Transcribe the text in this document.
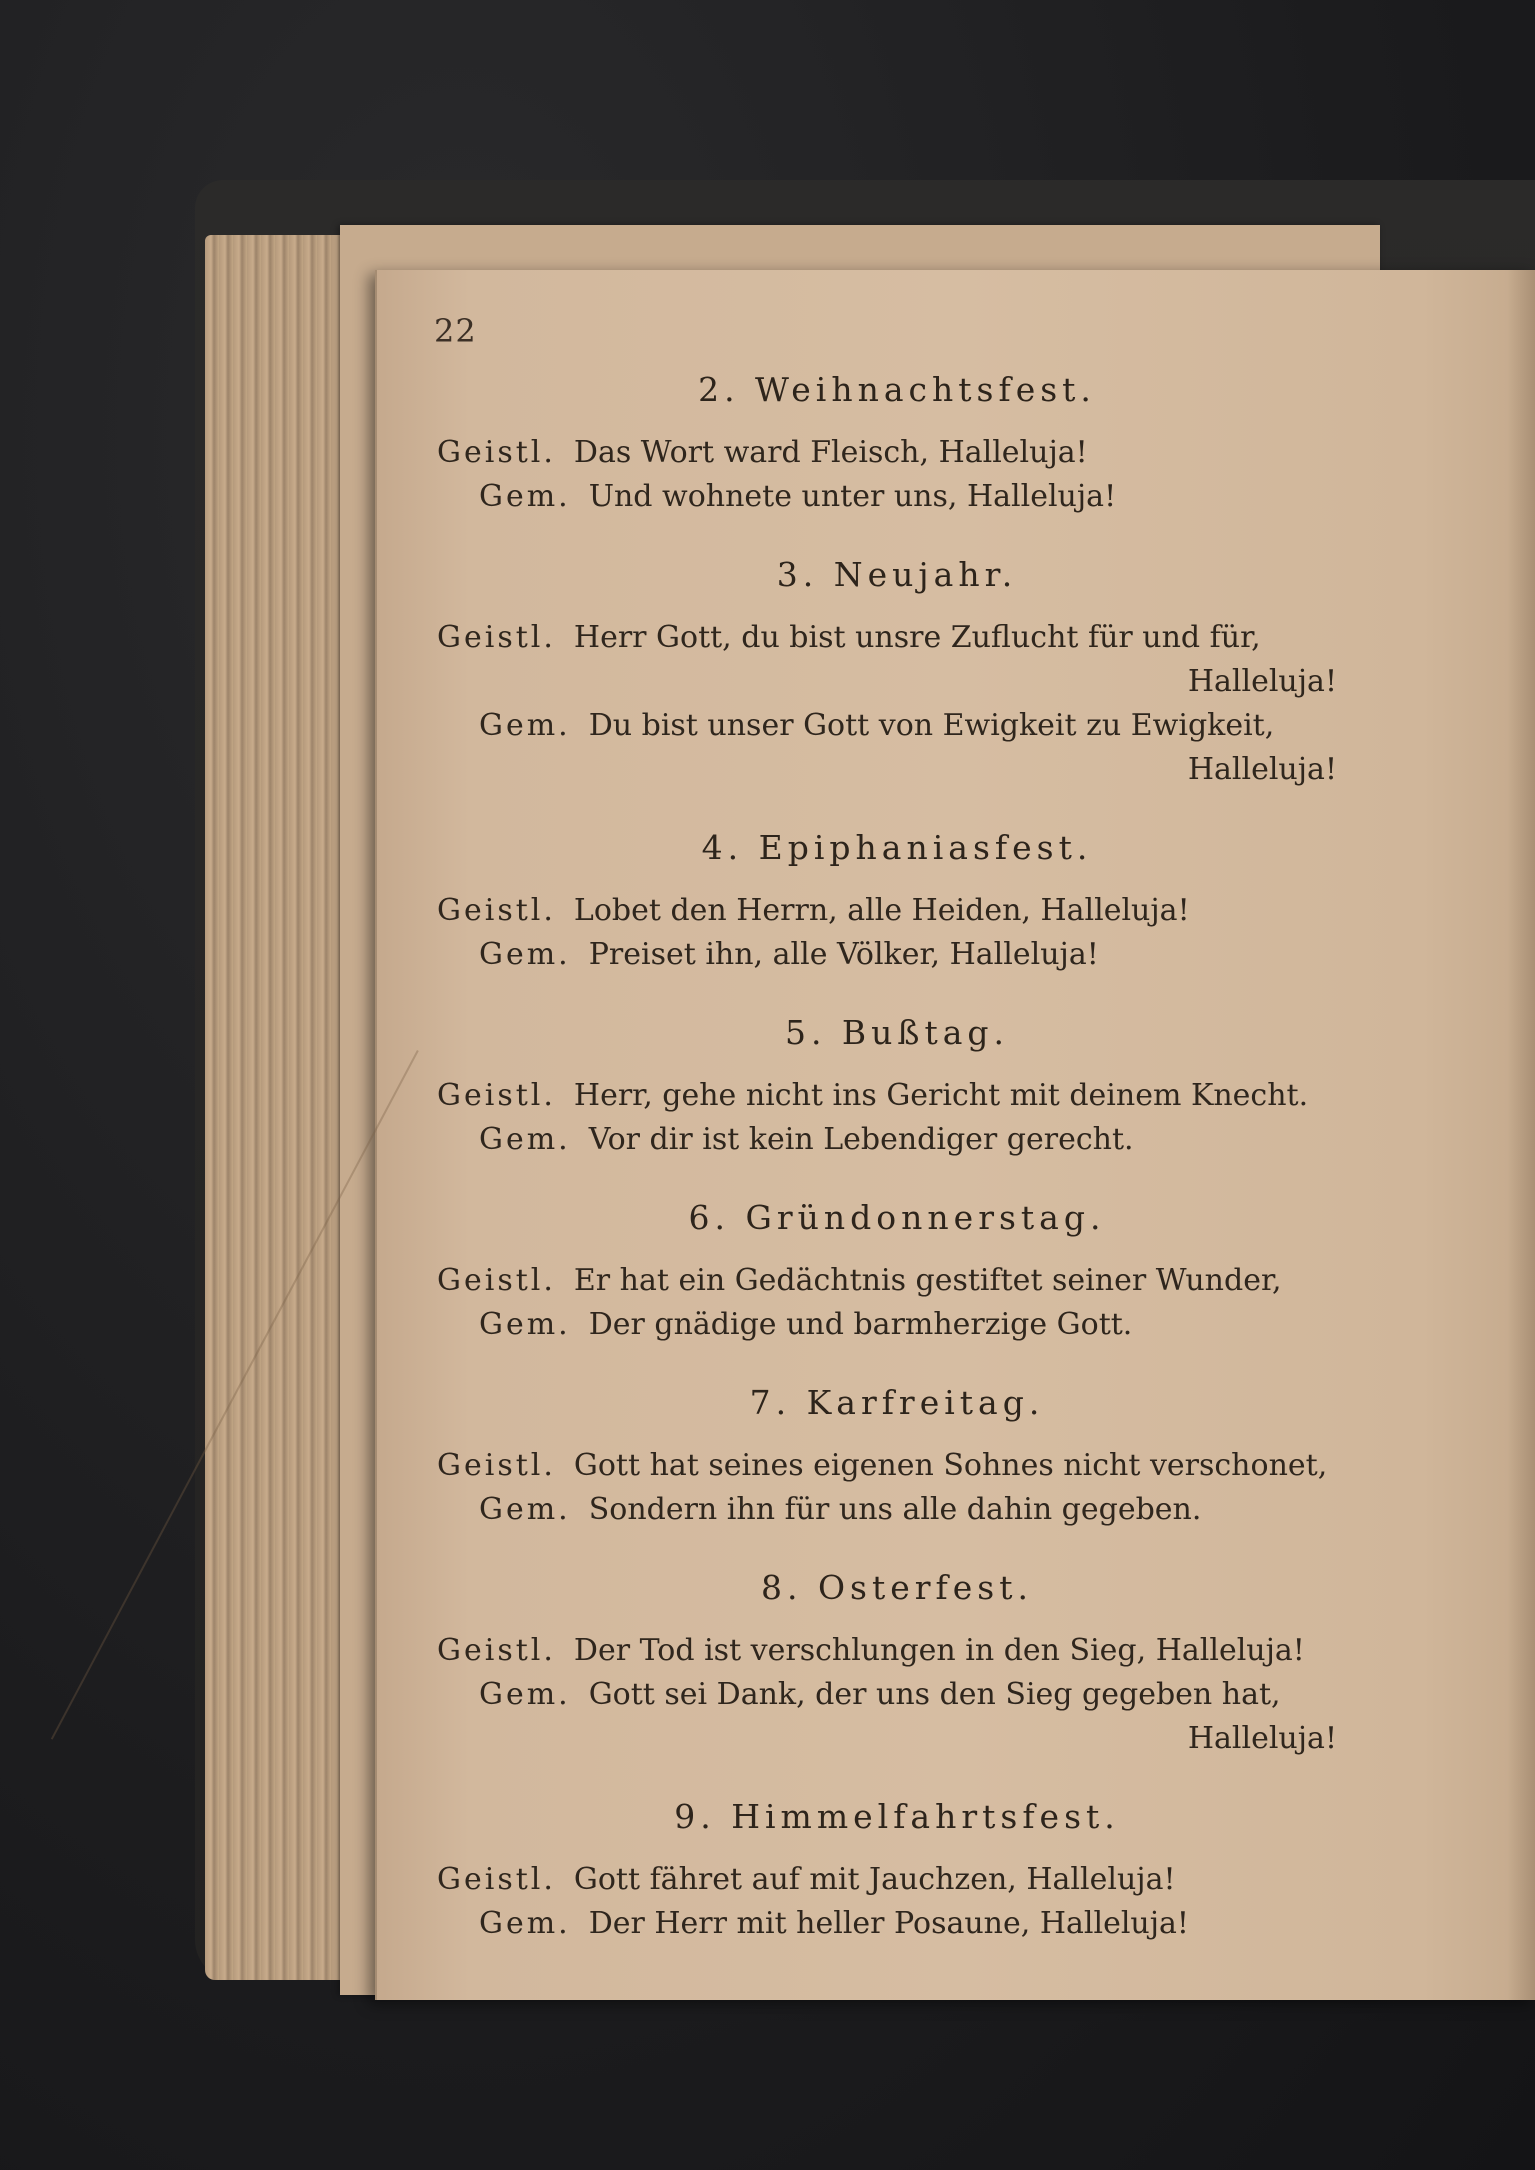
22
2. Weihnachtsfest.
Geistl. Das Wort ward Fleisch, Halleluja!
Gem. Und wohnete unter uns, Halleluja!
3. Neujahr.
Geistl. Herr Gott, du bist unsre Zuflucht für und für,
Halleluja!
Gem. Du bist unser Gott von Ewigkeit zu Ewigkeit,
Halleluja!
4. Epiphaniasfest.
Geistl. Lobet den Herrn, alle Heiden, Halleluja!
Gem. Preiset ihn, alle Völker, Halleluja!
5. Bußtag.
Geistl. Herr, gehe nicht ins Gericht mit deinem Knecht.
Gem. Vor dir ist kein Lebendiger gerecht.
6. Gründonnerstag.
Geistl. Er hat ein Gedächtnis gestiftet seiner Wunder,
Gem. Der gnädige und barmherzige Gott.
7. Karfreitag.
Geistl. Gott hat seines eigenen Sohnes nicht verschonet,
Gem. Sondern ihn für uns alle dahin gegeben.
8. Osterfest.
Geistl. Der Tod ist verschlungen in den Sieg, Halleluja!
Gem. Gott sei Dank, der uns den Sieg gegeben hat,
Halleluja!
9. Himmelfahrtsfest.
Geistl. Gott fähret auf mit Jauchzen, Halleluja!
Gem. Der Herr mit heller Posaune, Halleluja!
